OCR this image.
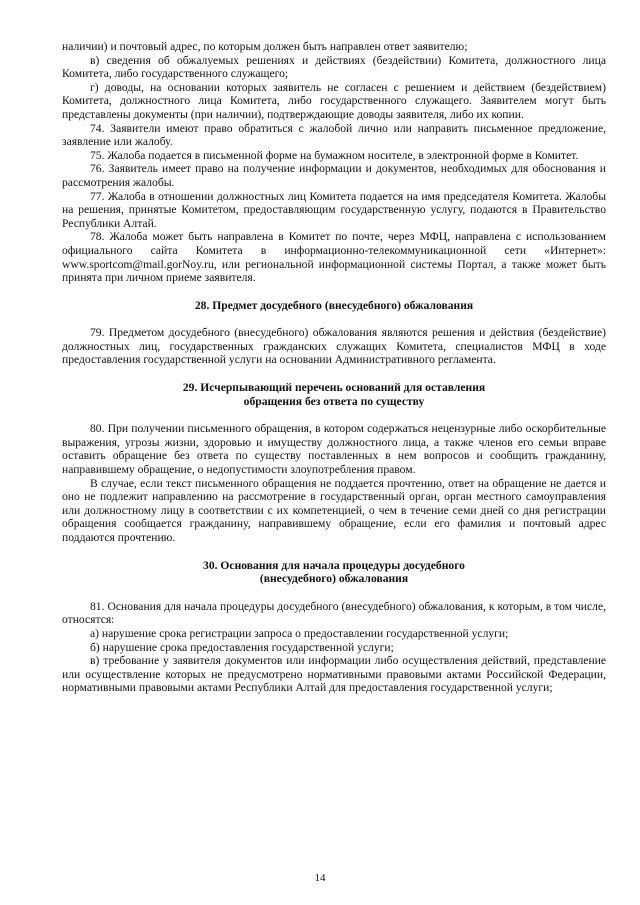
наличии) и почтовый адрес, по которым должен быть направлен ответ заявителю;

в) сведения об обжалуемых решениях и действиях (бездействии) Комитета, должностного лица Комитета, либо государственного служащего;

г) доводы, на основании которых заявитель не согласен с решением и действием (бездействием) Комитета, должностного лица Комитета, либо государственного служащего. Заявителем могут быть представлены документы (при наличии), подтверждающие доводы заявителя, либо их копии.

74. Заявители имеют право обратиться с жалобой лично или направить письменное предложение, заявление или жалобу.

75. Жалоба подается в письменной форме на бумажном носителе, в электронной форме в Комитет.

76. Заявитель имеет право на получение информации и документов, необходимых для обоснования и рассмотрения жалобы.

77. Жалоба в отношении должностных лиц Комитета подается на имя председателя Комитета. Жалобы на решения, принятые Комитетом, предоставляющим государственную услугу, подаются в Правительство Республики Алтай.

78. Жалоба может быть направлена в Комитет по почте, через МФЦ, направлена с использованием официального сайта Комитета в информационно-телекоммуникационной сети «Интернет»: www.sportcom@mail.gorNoy.ru, или региональной информационной системы Портал, а также может быть принята при личном приеме заявителя.

28. Предмет досудебного (внесудебного) обжалования

79. Предметом досудебного (внесудебного) обжалования являются решения и действия (бездействие) должностных лиц, государственных гражданских служащих Комитета, специалистов МФЦ в ходе предоставления государственной услуги на основании Административного регламента.

29. Исчерпывающий перечень оснований для оставления

обращения без ответа по существу

80. При получении письменного обращения, в котором содержаться нецензурные либо оскорбительные выражения, угрозы жизни, здоровью и имуществу должностного лица, а также членов его семьи вправе оставить обращение без ответа по существу поставленных в нем вопросов и сообщить гражданину, направившему обращение, о недопустимости злоупотребления правом.

В случае, если текст письменного обращения не поддается прочтению, ответ на обращение не дается и оно не подлежит направлению на рассмотрение в государственный орган, орган местного самоуправления или должностному лицу в соответствии с их компетенцией, о чем в течение семи дней со дня регистрации обращения сообщается гражданину, направившему обращение, если его фамилия и почтовый адрес поддаются прочтению.

30. Основания для начала процедуры досудебного

(внесудебного) обжалования

81. Основания для начала процедуры досудебного (внесудебного) обжалования, к которым, в том числе, относятся:

а) нарушение срока регистрации запроса о предоставлении государственной услуги;

б) нарушение срока предоставления государственной услуги;

в) требование у заявителя документов или информации либо осуществления действий, представление или осуществление которых не предусмотрено нормативными правовыми актами Российской Федерации, нормативными правовыми актами Республики Алтай для предоставления государственной услуги;

14
